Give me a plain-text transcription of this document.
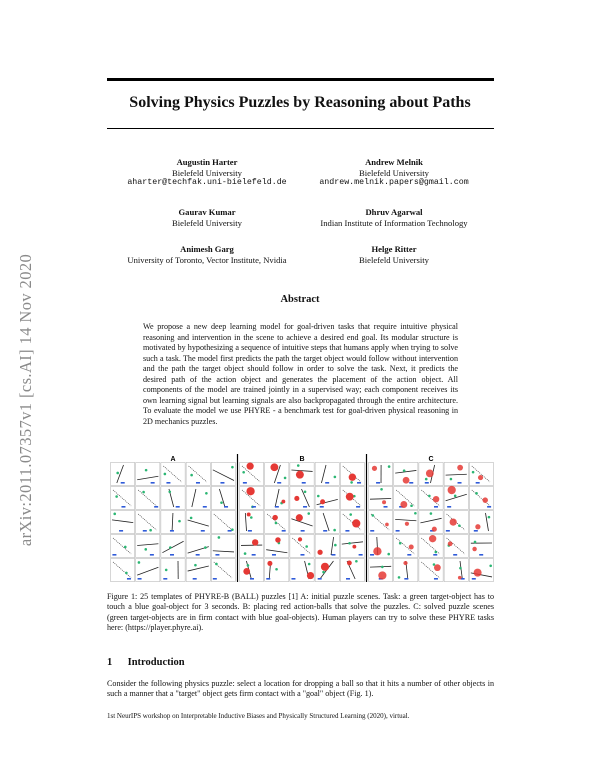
arXiv:2011.07357v1 [cs.AI] 14 Nov 2020
Solving Physics Puzzles by Reasoning about Paths
Augustin Harter
Bielefeld University
aharter@techfak.uni-bielefeld.de
Andrew Melnik
Bielefeld University
andrew.melnik.papers@gmail.com
Gaurav Kumar
Bielefeld University
Dhruv Agarwal
Indian Institute of Information Technology
Animesh Garg
University of Toronto, Vector Institute, Nvidia
Helge Ritter
Bielefeld University
Abstract
We propose a new deep learning model for goal-driven tasks that require intuitive physical reasoning and intervention in the scene to achieve a desired end goal. Its modular structure is motivated by hypothesizing a sequence of intuitive steps that humans apply when trying to solve such a task. The model first predicts the path the target object would follow without intervention and the path the target object should follow in order to solve the task. Next, it predicts the desired path of the action object and generates the placement of the action object. All components of the model are trained jointly in a supervised way; each component receives its own learning signal but learning signals are also backpropagated through the entire architecture. To evaluate the model we use PHYRE - a benchmark test for goal-driven physical reasoning in 2D mechanics puzzles.
A	B	C
Figure 1: 25 templates of PHYRE-B (BALL) puzzles [1] A: initial puzzle scenes. Task: a green target-object has to touch a blue goal-object for 3 seconds. B: placing red action-balls that solve the puzzles. C: solved puzzle scenes (green target-objects are in firm contact with blue goal-objects). Human players can try to solve these PHYRE tasks here: (https://player.phyre.ai).
1 Introduction
Consider the following physics puzzle: select a location for dropping a ball so that it hits a number of other objects in such a manner that a "target" object gets firm contact with a "goal" object (Fig. 1).
1st NeurIPS workshop on Interpretable Inductive Biases and Physically Structured Learning (2020), virtual.
